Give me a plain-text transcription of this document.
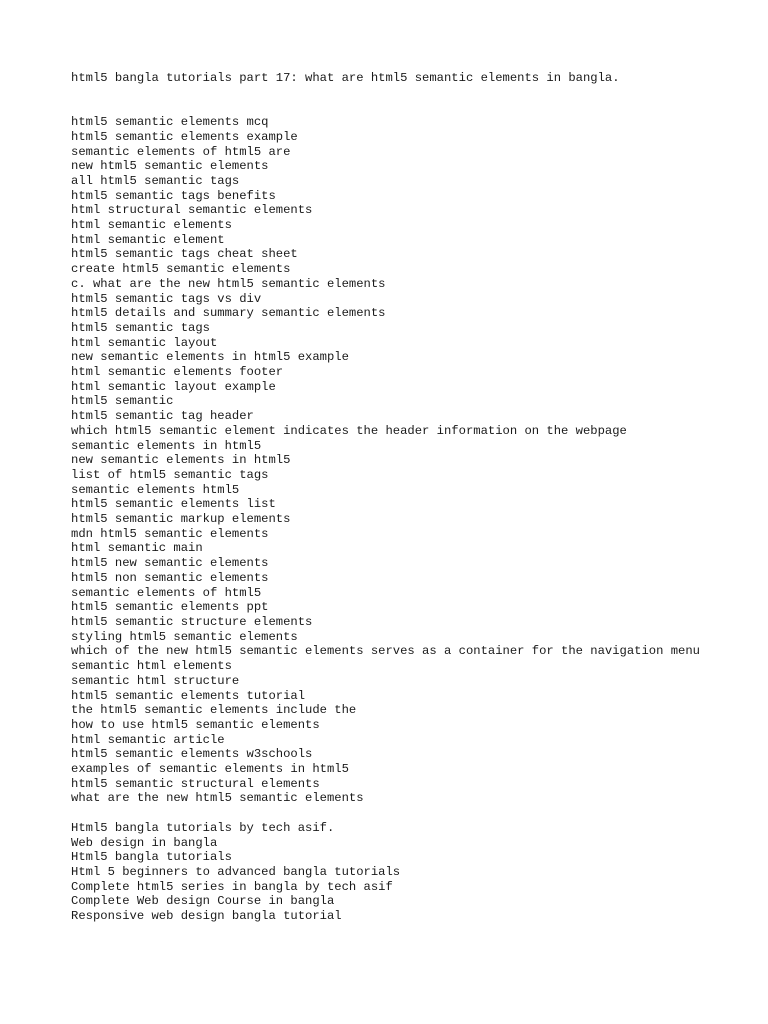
html5 bangla tutorials part 17: what are html5 semantic elements in bangla.
html5 semantic elements mcq
html5 semantic elements example
semantic elements of html5 are
new html5 semantic elements
all html5 semantic tags
html5 semantic tags benefits
html structural semantic elements
html semantic elements
html semantic element
html5 semantic tags cheat sheet
create html5 semantic elements
c. what are the new html5 semantic elements
html5 semantic tags vs div
html5 details and summary semantic elements
html5 semantic tags
html semantic layout
new semantic elements in html5 example
html semantic elements footer
html semantic layout example
html5 semantic
html5 semantic tag header
which html5 semantic element indicates the header information on the webpage
semantic elements in html5
new semantic elements in html5
list of html5 semantic tags
semantic elements html5
html5 semantic elements list
html5 semantic markup elements
mdn html5 semantic elements
html semantic main
html5 new semantic elements
html5 non semantic elements
semantic elements of html5
html5 semantic elements ppt
html5 semantic structure elements
styling html5 semantic elements
which of the new html5 semantic elements serves as a container for the navigation menu
semantic html elements
semantic html structure
html5 semantic elements tutorial
the html5 semantic elements include the
how to use html5 semantic elements
html semantic article
html5 semantic elements w3schools
examples of semantic elements in html5
html5 semantic structural elements
what are the new html5 semantic elements
Html5 bangla tutorials by tech asif.
Web design in bangla
Html5 bangla tutorials
Html 5 beginners to advanced bangla tutorials
Complete html5 series in bangla by tech asif
Complete Web design Course in bangla
Responsive web design bangla tutorial
